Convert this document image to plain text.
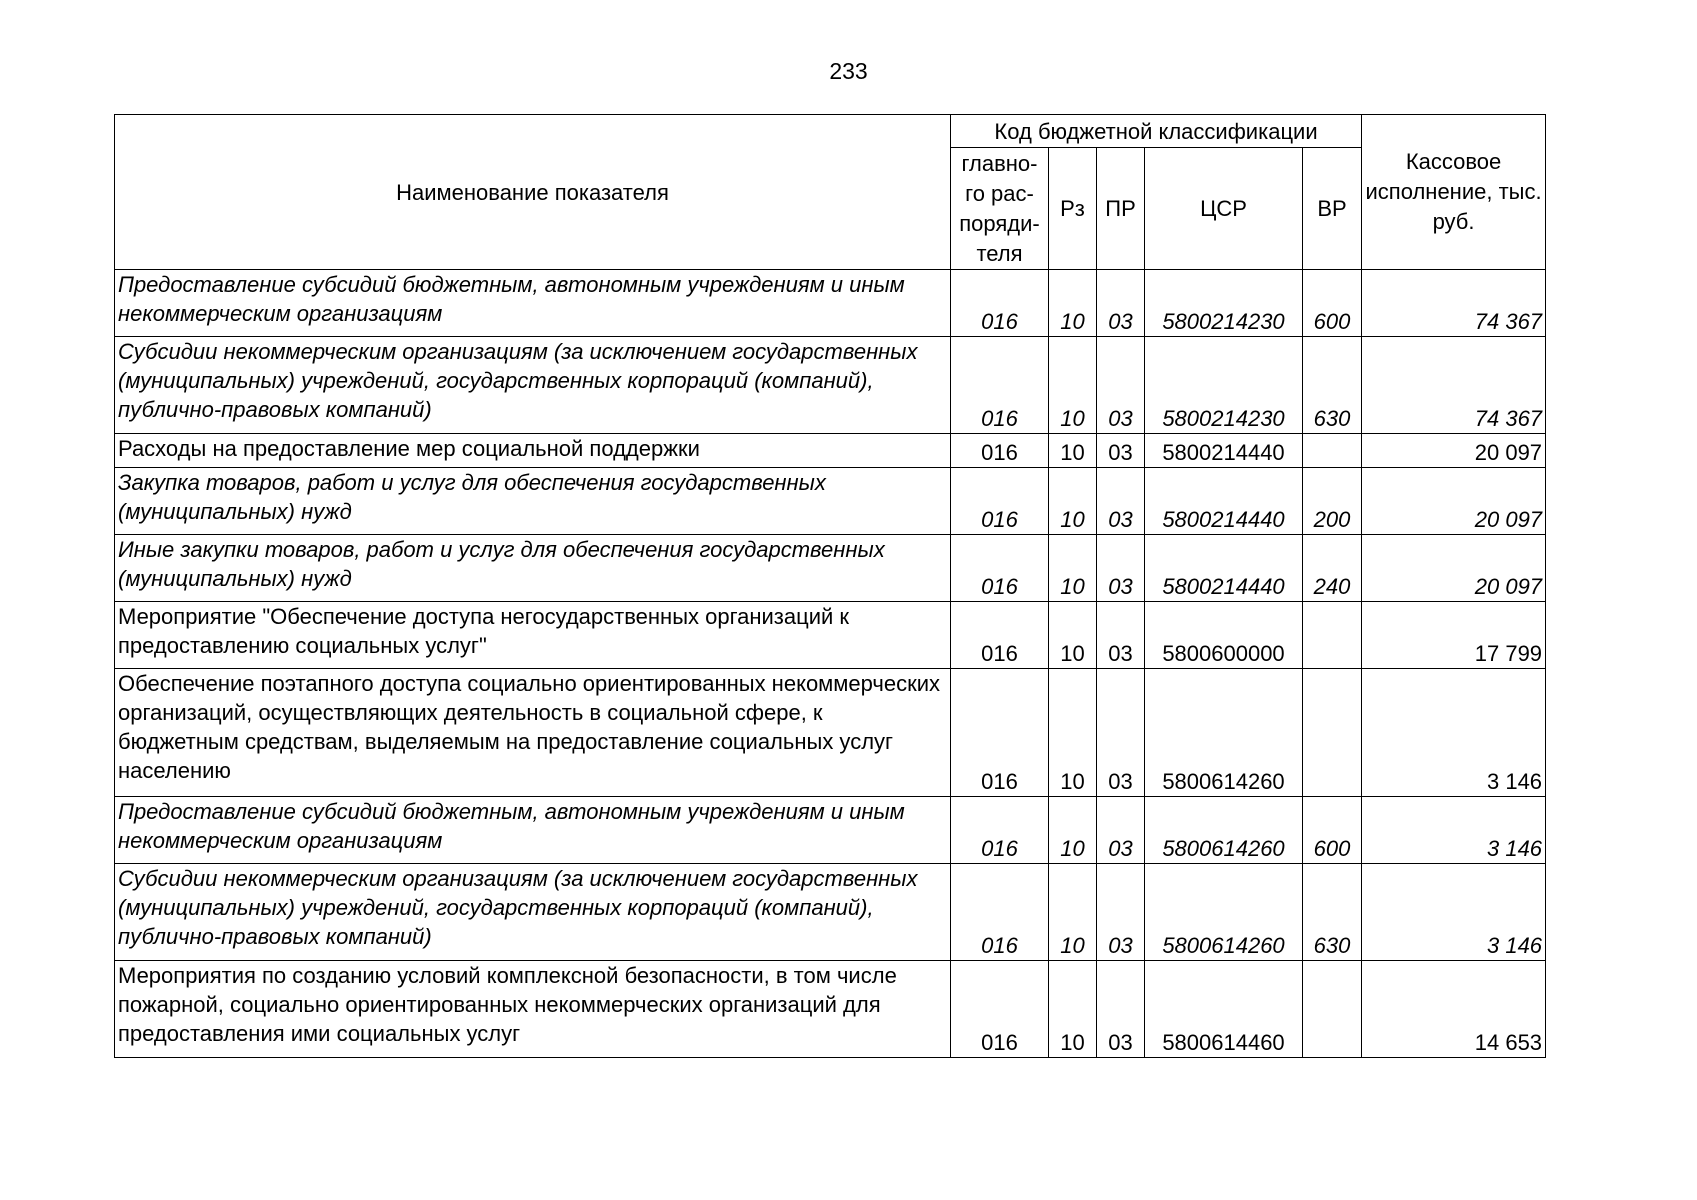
233
Наименование показателя	Код бюджетной классификации					Кассовое исполнение, тыс. руб.
	главно-го рас-поряди-теля	Рз	ПР	ЦСР	ВР	
Предоставление субсидий бюджетным, автономным учреждениям и иным некоммерческим организациям	016	10	03	5800214230	600	74 367
Субсидии некоммерческим организациям (за исключением государственных (муниципальных) учреждений, государственных корпораций (компаний), публично-правовых компаний)	016	10	03	5800214230	630	74 367
Расходы на предоставление мер социальной поддержки	016	10	03	5800214440		20 097
Закупка товаров, работ и услуг для обеспечения государственных (муниципальных) нужд	016	10	03	5800214440	200	20 097
Иные закупки товаров, работ и услуг для обеспечения государственных (муниципальных) нужд	016	10	03	5800214440	240	20 097
Мероприятие "Обеспечение доступа негосударственных организаций к предоставлению социальных услуг"	016	10	03	5800600000		17 799
Обеспечение поэтапного доступа социально ориентированных некоммерческих организаций, осуществляющих деятельность в социальной сфере, к бюджетным средствам, выделяемым на предоставление социальных услуг населению	016	10	03	5800614260		3 146
Предоставление субсидий бюджетным, автономным учреждениям и иным некоммерческим организациям	016	10	03	5800614260	600	3 146
Субсидии некоммерческим организациям (за исключением государственных (муниципальных) учреждений, государственных корпораций (компаний), публично-правовых компаний)	016	10	03	5800614260	630	3 146
Мероприятия по созданию условий комплексной безопасности, в том числе пожарной, социально ориентированных некоммерческих организаций для предоставления ими социальных услуг	016	10	03	5800614460		14 653
